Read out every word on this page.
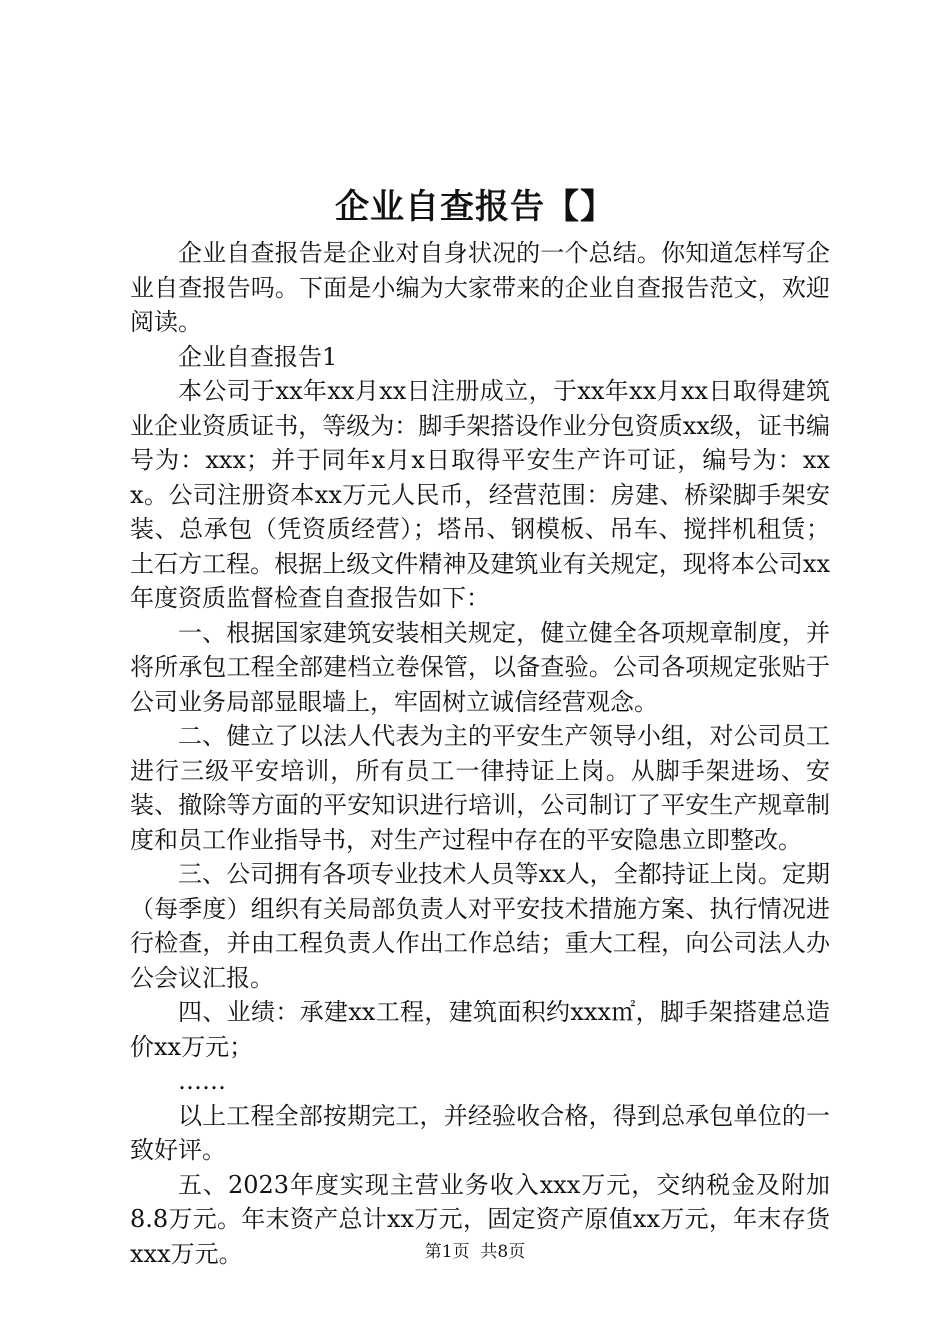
企业自查报告【】

企业自查报告是企业对自身状况的一个总结。你知道怎样写企业自查报告吗。下面是小编为大家带来的企业自查报告范文，欢迎阅读。

企业自查报告1

本公司于xx年xx月xx日注册成立，于xx年xx月xx日取得建筑业企业资质证书，等级为：脚手架搭设作业分包资质xx级，证书编号为：xxx；并于同年x月x日取得平安生产许可证，编号为：xxx。公司注册资本xx万元人民币，经营范围：房建、桥梁脚手架安装、总承包（凭资质经营）；塔吊、钢模板、吊车、搅拌机租赁；土石方工程。根据上级文件精神及建筑业有关规定，现将本公司xx年度资质监督检查自查报告如下：

一、根据国家建筑安装相关规定，健立健全各项规章制度，并将所承包工程全部建档立卷保管，以备查验。公司各项规定张贴于公司业务局部显眼墙上，牢固树立诚信经营观念。

二、健立了以法人代表为主的平安生产领导小组，对公司员工进行三级平安培训，所有员工一律持证上岗。从脚手架进场、安装、撤除等方面的平安知识进行培训，公司制订了平安生产规章制度和员工作业指导书，对生产过程中存在的平安隐患立即整改。

三、公司拥有各项专业技术人员等xx人，全都持证上岗。定期（每季度）组织有关局部负责人对平安技术措施方案、执行情况进行检查，并由工程负责人作出工作总结；重大工程，向公司法人办公会议汇报。

四、业绩：承建xx工程，建筑面积约xxx㎡，脚手架搭建总造价xx万元；

……

以上工程全部按期完工，并经验收合格，得到总承包单位的一致好评。

五、2023年度实现主营业务收入xxx万元，交纳税金及附加8.8万元。年末资产总计xx万元，固定资产原值xx万元，年末存货xxx万元。	第1页 共8页
